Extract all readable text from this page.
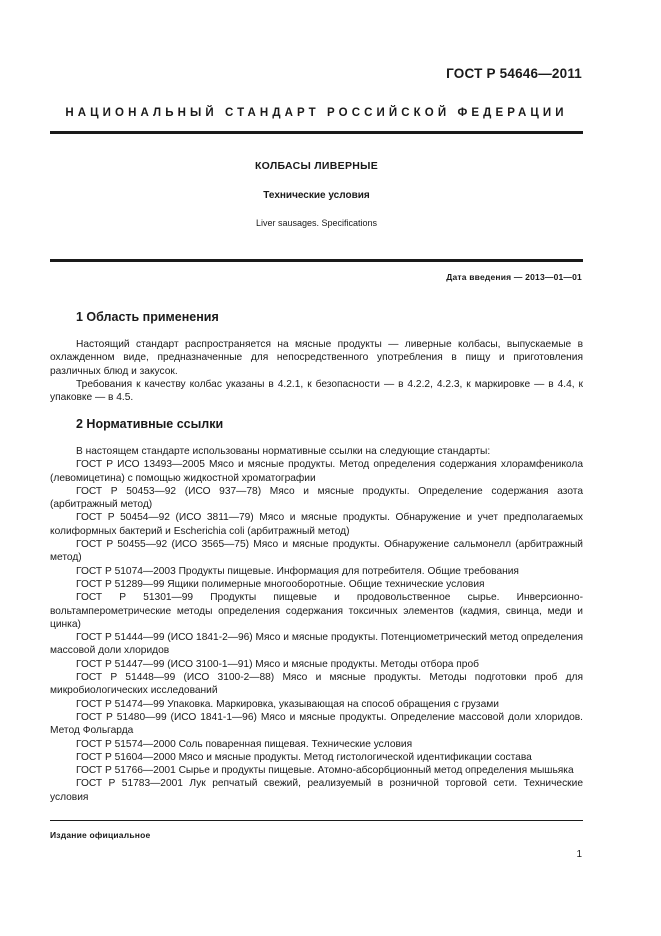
ГОСТ Р 54646—2011
НАЦИОНАЛЬНЫЙ СТАНДАРТ РОССИЙСКОЙ ФЕДЕРАЦИИ
КОЛБАСЫ ЛИВЕРНЫЕ
Технические условия
Liver sausages. Specifications
Дата введения — 2013—01—01
1 Область применения

Настоящий стандарт распространяется на мясные продукты — ливерные колбасы, выпускаемые в охлажденном виде, предназначенные для непосредственного употребления в пищу и приготовления различных блюд и закусок.

Требования к качеству колбас указаны в 4.2.1, к безопасности — в 4.2.2, 4.2.3, к маркировке — в 4.4, к упаковке — в 4.5.

2 Нормативные ссылки

В настоящем стандарте использованы нормативные ссылки на следующие стандарты:

ГОСТ Р ИСО 13493—2005 Мясо и мясные продукты. Метод определения содержания хлорамфеникола (левомицетина) с помощью жидкостной хроматографии

ГОСТ Р 50453—92 (ИСО 937—78) Мясо и мясные продукты. Определение содержания азота (арбитражный метод)

ГОСТ Р 50454—92 (ИСО 3811—79) Мясо и мясные продукты. Обнаружение и учет предполагаемых колиформных бактерий и Escherichia coli (арбитражный метод)

ГОСТ Р 50455—92 (ИСО 3565—75) Мясо и мясные продукты. Обнаружение сальмонелл (арбитражный метод)

ГОСТ Р 51074—2003 Продукты пищевые. Информация для потребителя. Общие требования

ГОСТ Р 51289—99 Ящики полимерные многооборотные. Общие технические условия

ГОСТ Р 51301—99 Продукты пищевые и продовольственное сырье. Инверсионно-вольтамперометрические методы определения содержания токсичных элементов (кадмия, свинца, меди и цинка)

ГОСТ Р 51444—99 (ИСО 1841-2—96) Мясо и мясные продукты. Потенциометрический метод определения массовой доли хлоридов

ГОСТ Р 51447—99 (ИСО 3100-1—91) Мясо и мясные продукты. Методы отбора проб

ГОСТ Р 51448—99 (ИСО 3100-2—88) Мясо и мясные продукты. Методы подготовки проб для микробиологических исследований

ГОСТ Р 51474—99 Упаковка. Маркировка, указывающая на способ обращения с грузами

ГОСТ Р 51480—99 (ИСО 1841-1—96) Мясо и мясные продукты. Определение массовой доли хлоридов. Метод Фольгарда

ГОСТ Р 51574—2000 Соль поваренная пищевая. Технические условия

ГОСТ Р 51604—2000 Мясо и мясные продукты. Метод гистологической идентификации состава

ГОСТ Р 51766—2001 Сырье и продукты пищевые. Атомно-абсорбционный метод определения мышьяка

ГОСТ Р 51783—2001 Лук репчатый свежий, реализуемый в розничной торговой сети. Технические условия

Издание официальное
1
